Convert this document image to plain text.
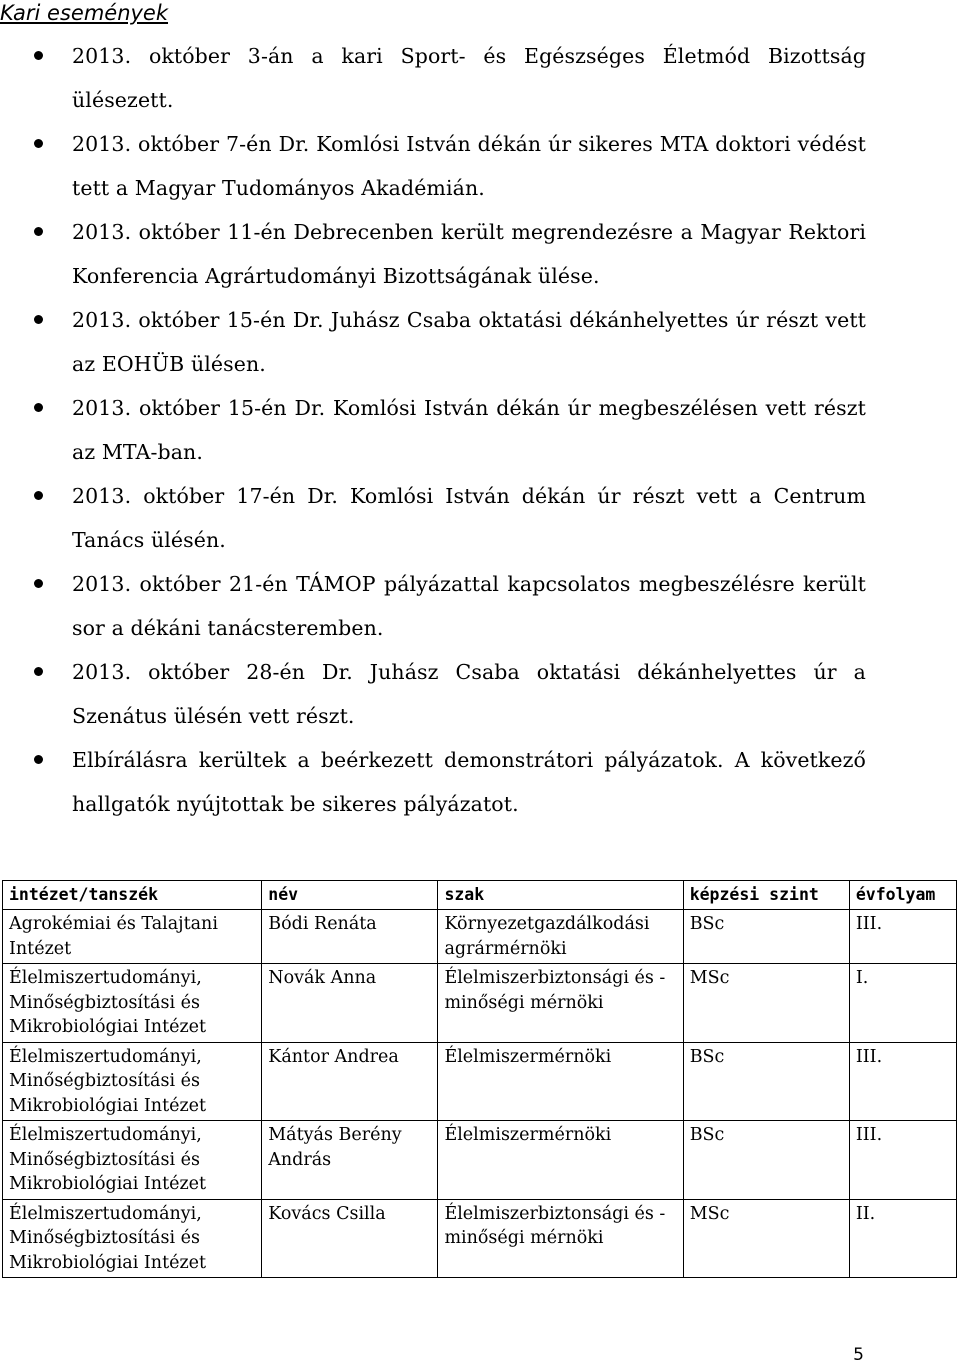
Kari események
2013. október 3-án a kari Sport- és Egészséges Életmód Bizottság ülésezett.
2013. október 7-én Dr. Komlósi István dékán úr sikeres MTA doktori védést tett a Magyar Tudományos Akadémián.
2013. október 11-én Debrecenben került megrendezésre a Magyar Rektori Konferencia Agrártudományi Bizottságának ülése.
2013. október 15-én Dr. Juhász Csaba oktatási dékánhelyettes úr részt vett az EOHÜB ülésen.
2013. október 15-én Dr. Komlósi István dékán úr megbeszélésen vett részt az MTA-ban.
2013. október 17-én Dr. Komlósi István dékán úr részt vett a Centrum Tanács ülésén.
2013. október 21-én TÁMOP pályázattal kapcsolatos megbeszélésre került sor a dékáni tanácsteremben.
2013. október 28-én Dr. Juhász Csaba oktatási dékánhelyettes úr a Szenátus ülésén vett részt.
Elbírálásra kerültek a beérkezett demonstrátori pályázatok. A következő hallgatók nyújtottak be sikeres pályázatot.
intézet/tanszék	név	szak	képzési szint	évfolyam
Agrokémiai és Talajtani Intézet	Bódi Renáta	Környezetgazdálkodási agrármérnöki	BSc	III.
Élelmiszertudományi, Minőségbiztosítási és Mikrobiológiai Intézet	Novák Anna	Élelmiszerbiztonsági és -minőségi mérnöki	MSc	I.
Élelmiszertudományi, Minőségbiztosítási és Mikrobiológiai Intézet	Kántor Andrea	Élelmiszermérnöki	BSc	III.
Élelmiszertudományi, Minőségbiztosítási és Mikrobiológiai Intézet	Mátyás Berény András	Élelmiszermérnöki	BSc	III.
Élelmiszertudományi, Minőségbiztosítási és Mikrobiológiai Intézet	Kovács Csilla	Élelmiszerbiztonsági és -minőségi mérnöki	MSc	II.
5
